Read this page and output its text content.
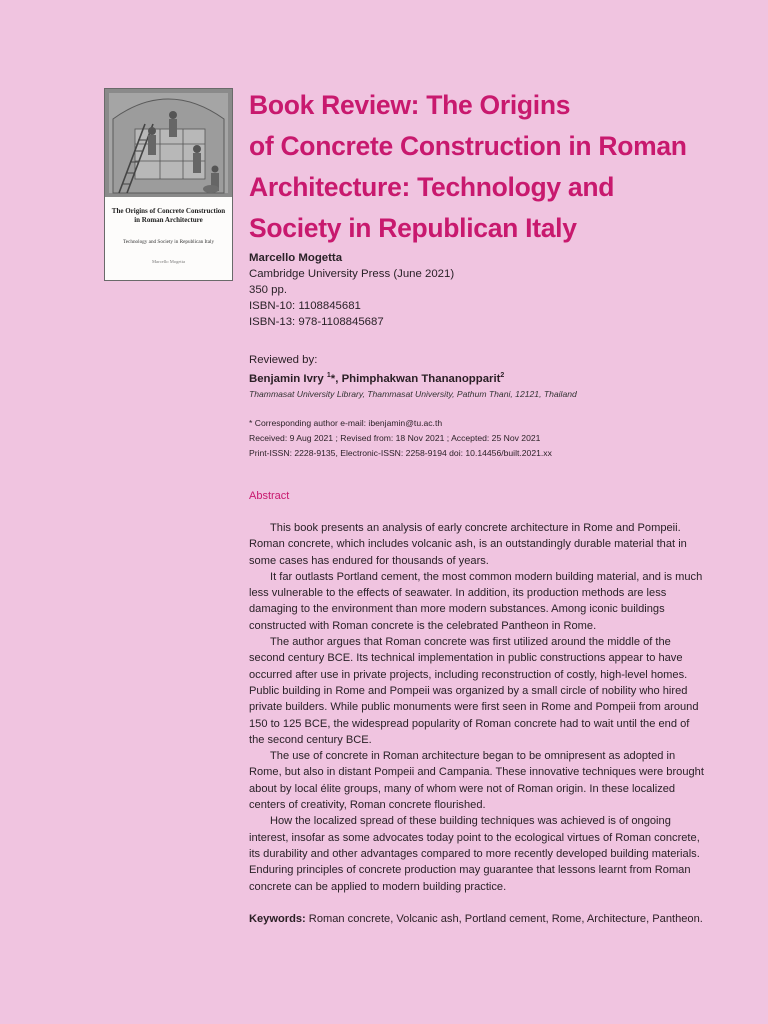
The Origins of Concrete Construction in Roman Architecture
Technology and Society in Republican Italy
Marcello Mogetta
Book Review: The Origins
of Concrete Construction in Roman
Architecture: Technology and
Society in Republican Italy
Marcello Mogetta
Cambridge University Press (June 2021)
350 pp.
ISBN-10: 1108845681
ISBN-13: 978-1108845687
Reviewed by:
Benjamin Ivry $^1$*, Phimphakwan Thananopparit$^2$
Thammasat University Library, Thammasat University, Pathum Thani, 12121, Thailand
* Corresponding author e-mail: ibenjamin@tu.ac.th
Received: 9 Aug 2021 ; Revised from: 18 Nov 2021 ; Accepted: 25 Nov 2021
Print-ISSN: 2228-9135, Electronic-ISSN: 2258-9194 doi: 10.14456/built.2021.xx
Abstract

This book presents an analysis of early concrete architecture in Rome and Pompeii. Roman concrete, which includes volcanic ash, is an outstandingly durable material that in some cases has endured for thousands of years.

It far outlasts Portland cement, the most common modern building material, and is much less vulnerable to the effects of seawater. In addition, its production methods are less damaging to the environment than more modern substances. Among iconic buildings constructed with Roman concrete is the celebrated Pantheon in Rome.

The author argues that Roman concrete was first utilized around the middle of the second century BCE. Its technical implementation in public constructions appear to have occurred after use in private projects, including reconstruction of costly, high-level homes. Public building in Rome and Pompeii was organized by a small circle of nobility who hired private builders. While public monuments were first seen in Rome and Pompeii from around 150 to 125 BCE, the widespread popularity of Roman concrete had to wait until the end of the second century BCE.

The use of concrete in Roman architecture began to be omnipresent as adopted in Rome, but also in distant Pompeii and Campania. These innovative techniques were brought about by local élite groups, many of whom were not of Roman origin. In these localized centers of creativity, Roman concrete flourished.

How the localized spread of these building techniques was achieved is of ongoing interest, insofar as some advocates today point to the ecological virtues of Roman concrete, its durability and other advantages compared to more recently developed building materials. Enduring principles of concrete production may guarantee that lessons learnt from Roman concrete can be applied to modern building practice.

Keywords: Roman concrete, Volcanic ash, Portland cement, Rome, Architecture, Pantheon.
